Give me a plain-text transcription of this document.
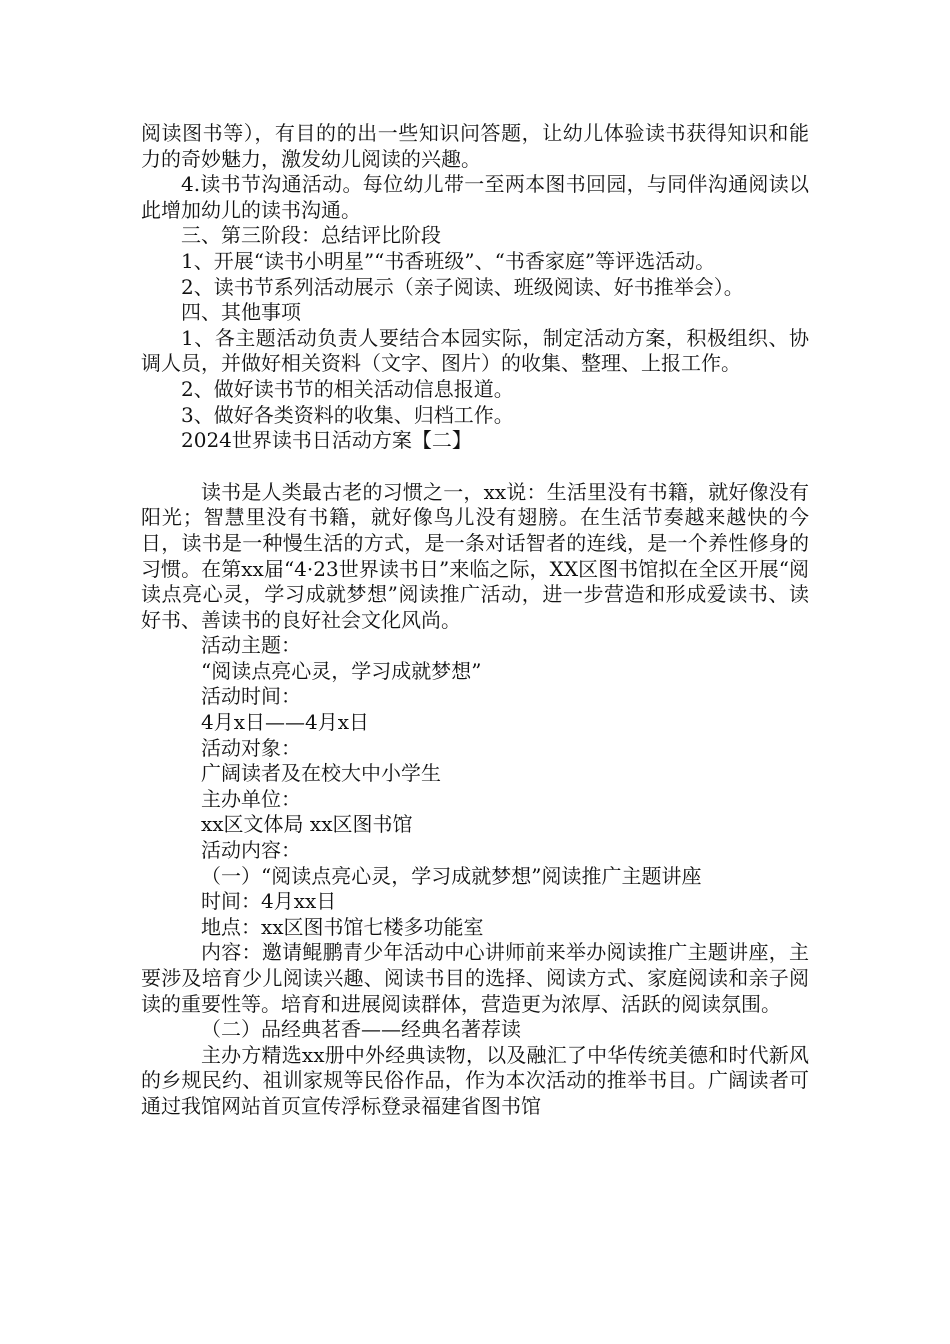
阅读图书等），有目的的出一些知识问答题，让幼儿体验读书获得知识和能力的奇妙魅力，激发幼儿阅读的兴趣。

4.读书节沟通活动。每位幼儿带一至两本图书回园，与同伴沟通阅读以此增加幼儿的读书沟通。

三、第三阶段：总结评比阶段

1、开展“读书小明星”“书香班级”、“书香家庭”等评选活动。

2、读书节系列活动展示（亲子阅读、班级阅读、好书推举会）。

四、其他事项

1、各主题活动负责人要结合本园实际，制定活动方案，积极组织、协调人员，并做好相关资料（文字、图片）的收集、整理、上报工作。

2、做好读书节的相关活动信息报道。

3、做好各类资料的收集、归档工作。

2024世界读书日活动方案【二】

读书是人类最古老的习惯之一，xx说：生活里没有书籍，就好像没有阳光；智慧里没有书籍，就好像鸟儿没有翅膀。在生活节奏越来越快的今日，读书是一种慢生活的方式，是一条对话智者的连线，是一个养性修身的习惯。在第xx届“4·23世界读书日”来临之际，XX区图书馆拟在全区开展“阅读点亮心灵，学习成就梦想”阅读推广活动，进一步营造和形成爱读书、读好书、善读书的良好社会文化风尚。

活动主题：

“阅读点亮心灵，学习成就梦想”

活动时间：

4月x日——4月x日

活动对象：

广阔读者及在校大中小学生

主办单位：

xx区文体局 xx区图书馆

活动内容：

（一）“阅读点亮心灵，学习成就梦想”阅读推广主题讲座

时间：4月xx日

地点：xx区图书馆七楼多功能室

内容：邀请鲲鹏青少年活动中心讲师前来举办阅读推广主题讲座，主要涉及培育少儿阅读兴趣、阅读书目的选择、阅读方式、家庭阅读和亲子阅读的重要性等。培育和进展阅读群体，营造更为浓厚、活跃的阅读氛围。

（二）品经典茗香——经典名著荐读

主办方精选xx册中外经典读物，以及融汇了中华传统美德和时代新风的乡规民约、祖训家规等民俗作品，作为本次活动的推举书目。广阔读者可通过我馆网站首页宣传浮标登录福建省图书馆
